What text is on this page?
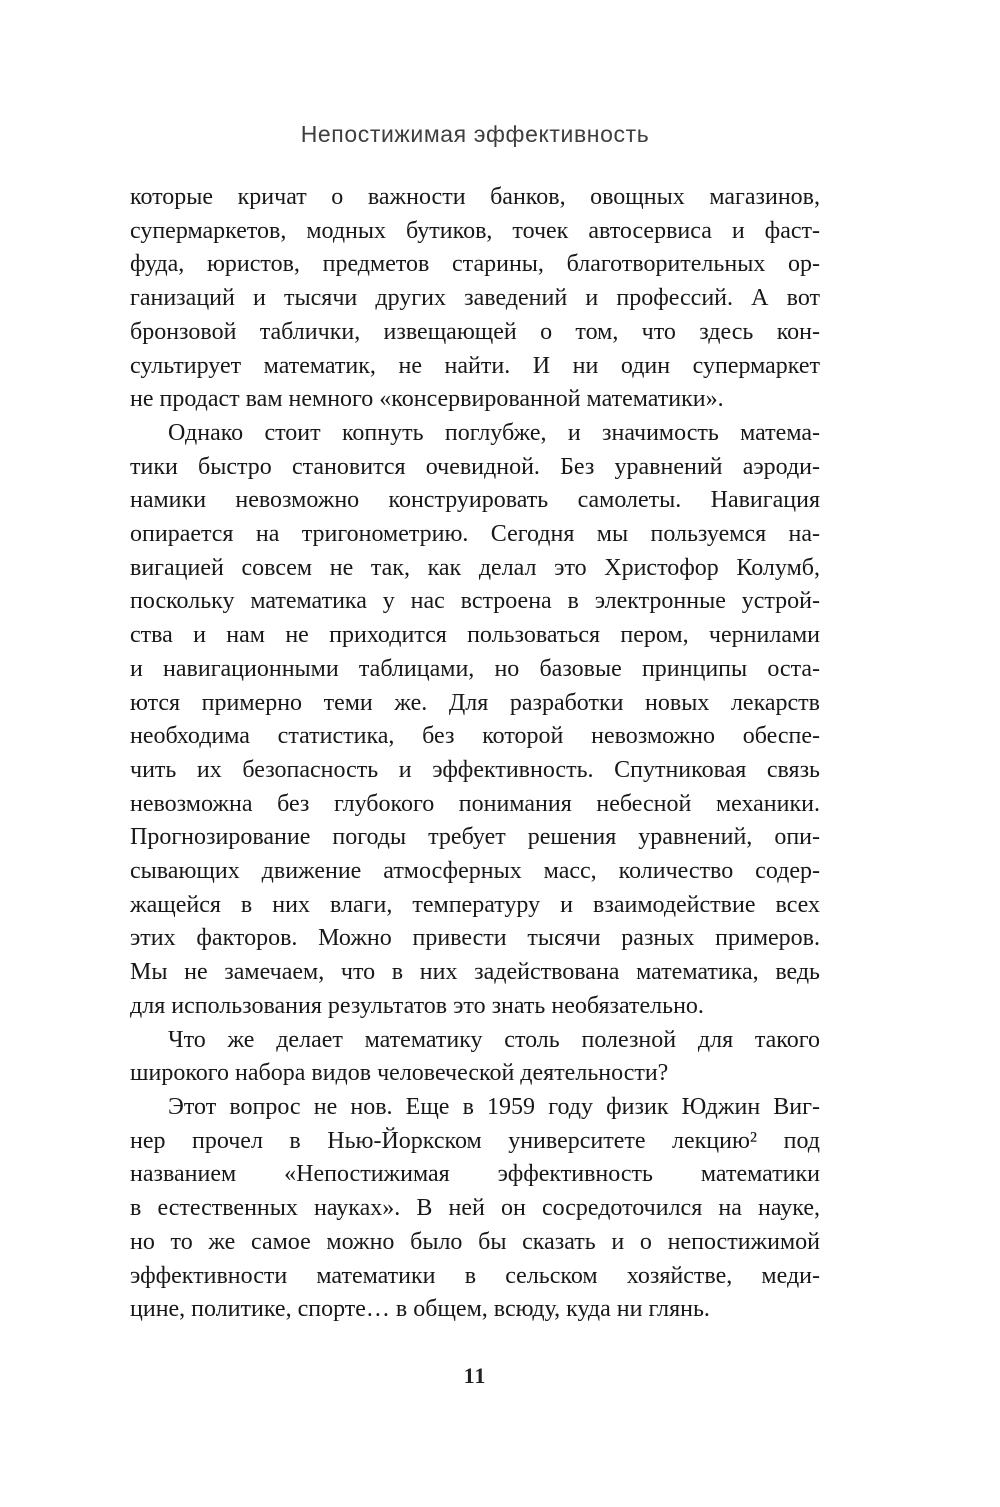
Непостижимая эффективность
которые кричат о важности банков, овощных магазинов,
супермаркетов, модных бутиков, точек автосервиса и фаст-
фуда, юристов, предметов старины, благотворительных ор-
ганизаций и тысячи других заведений и профессий. А вот
бронзовой таблички, извещающей о том, что здесь кон-
сультирует математик, не найти. И ни один супермаркет
не продаст вам немного «консервированной математики».
Однако стоит копнуть поглубже, и значимость матема-
тики быстро становится очевидной. Без уравнений аэроди-
намики невозможно конструировать самолеты. Навигация
опирается на тригонометрию. Сегодня мы пользуемся на-
вигацией совсем не так, как делал это Христофор Колумб,
поскольку математика у нас встроена в электронные устрой-
ства и нам не приходится пользоваться пером, чернилами
и навигационными таблицами, но базовые принципы оста-
ются примерно теми же. Для разработки новых лекарств
необходима статистика, без которой невозможно обеспе-
чить их безопасность и эффективность. Спутниковая связь
невозможна без глубокого понимания небесной механики.
Прогнозирование погоды требует решения уравнений, опи-
сывающих движение атмосферных масс, количество содер-
жащейся в них влаги, температуру и взаимодействие всех
этих факторов. Можно привести тысячи разных примеров.
Мы не замечаем, что в них задействована математика, ведь
для использования результатов это знать необязательно.
Что же делает математику столь полезной для такого
широкого набора видов человеческой деятельности?
Этот вопрос не нов. Еще в 1959 году физик Юджин Виг-
нер прочел в Нью-Йоркском университете лекцию² под
названием «Непостижимая эффективность математики
в естественных науках». В ней он сосредоточился на науке,
но то же самое можно было бы сказать и о непостижимой
эффективности математики в сельском хозяйстве, меди-
цине, политике, спорте… в общем, всюду, куда ни глянь.
11
